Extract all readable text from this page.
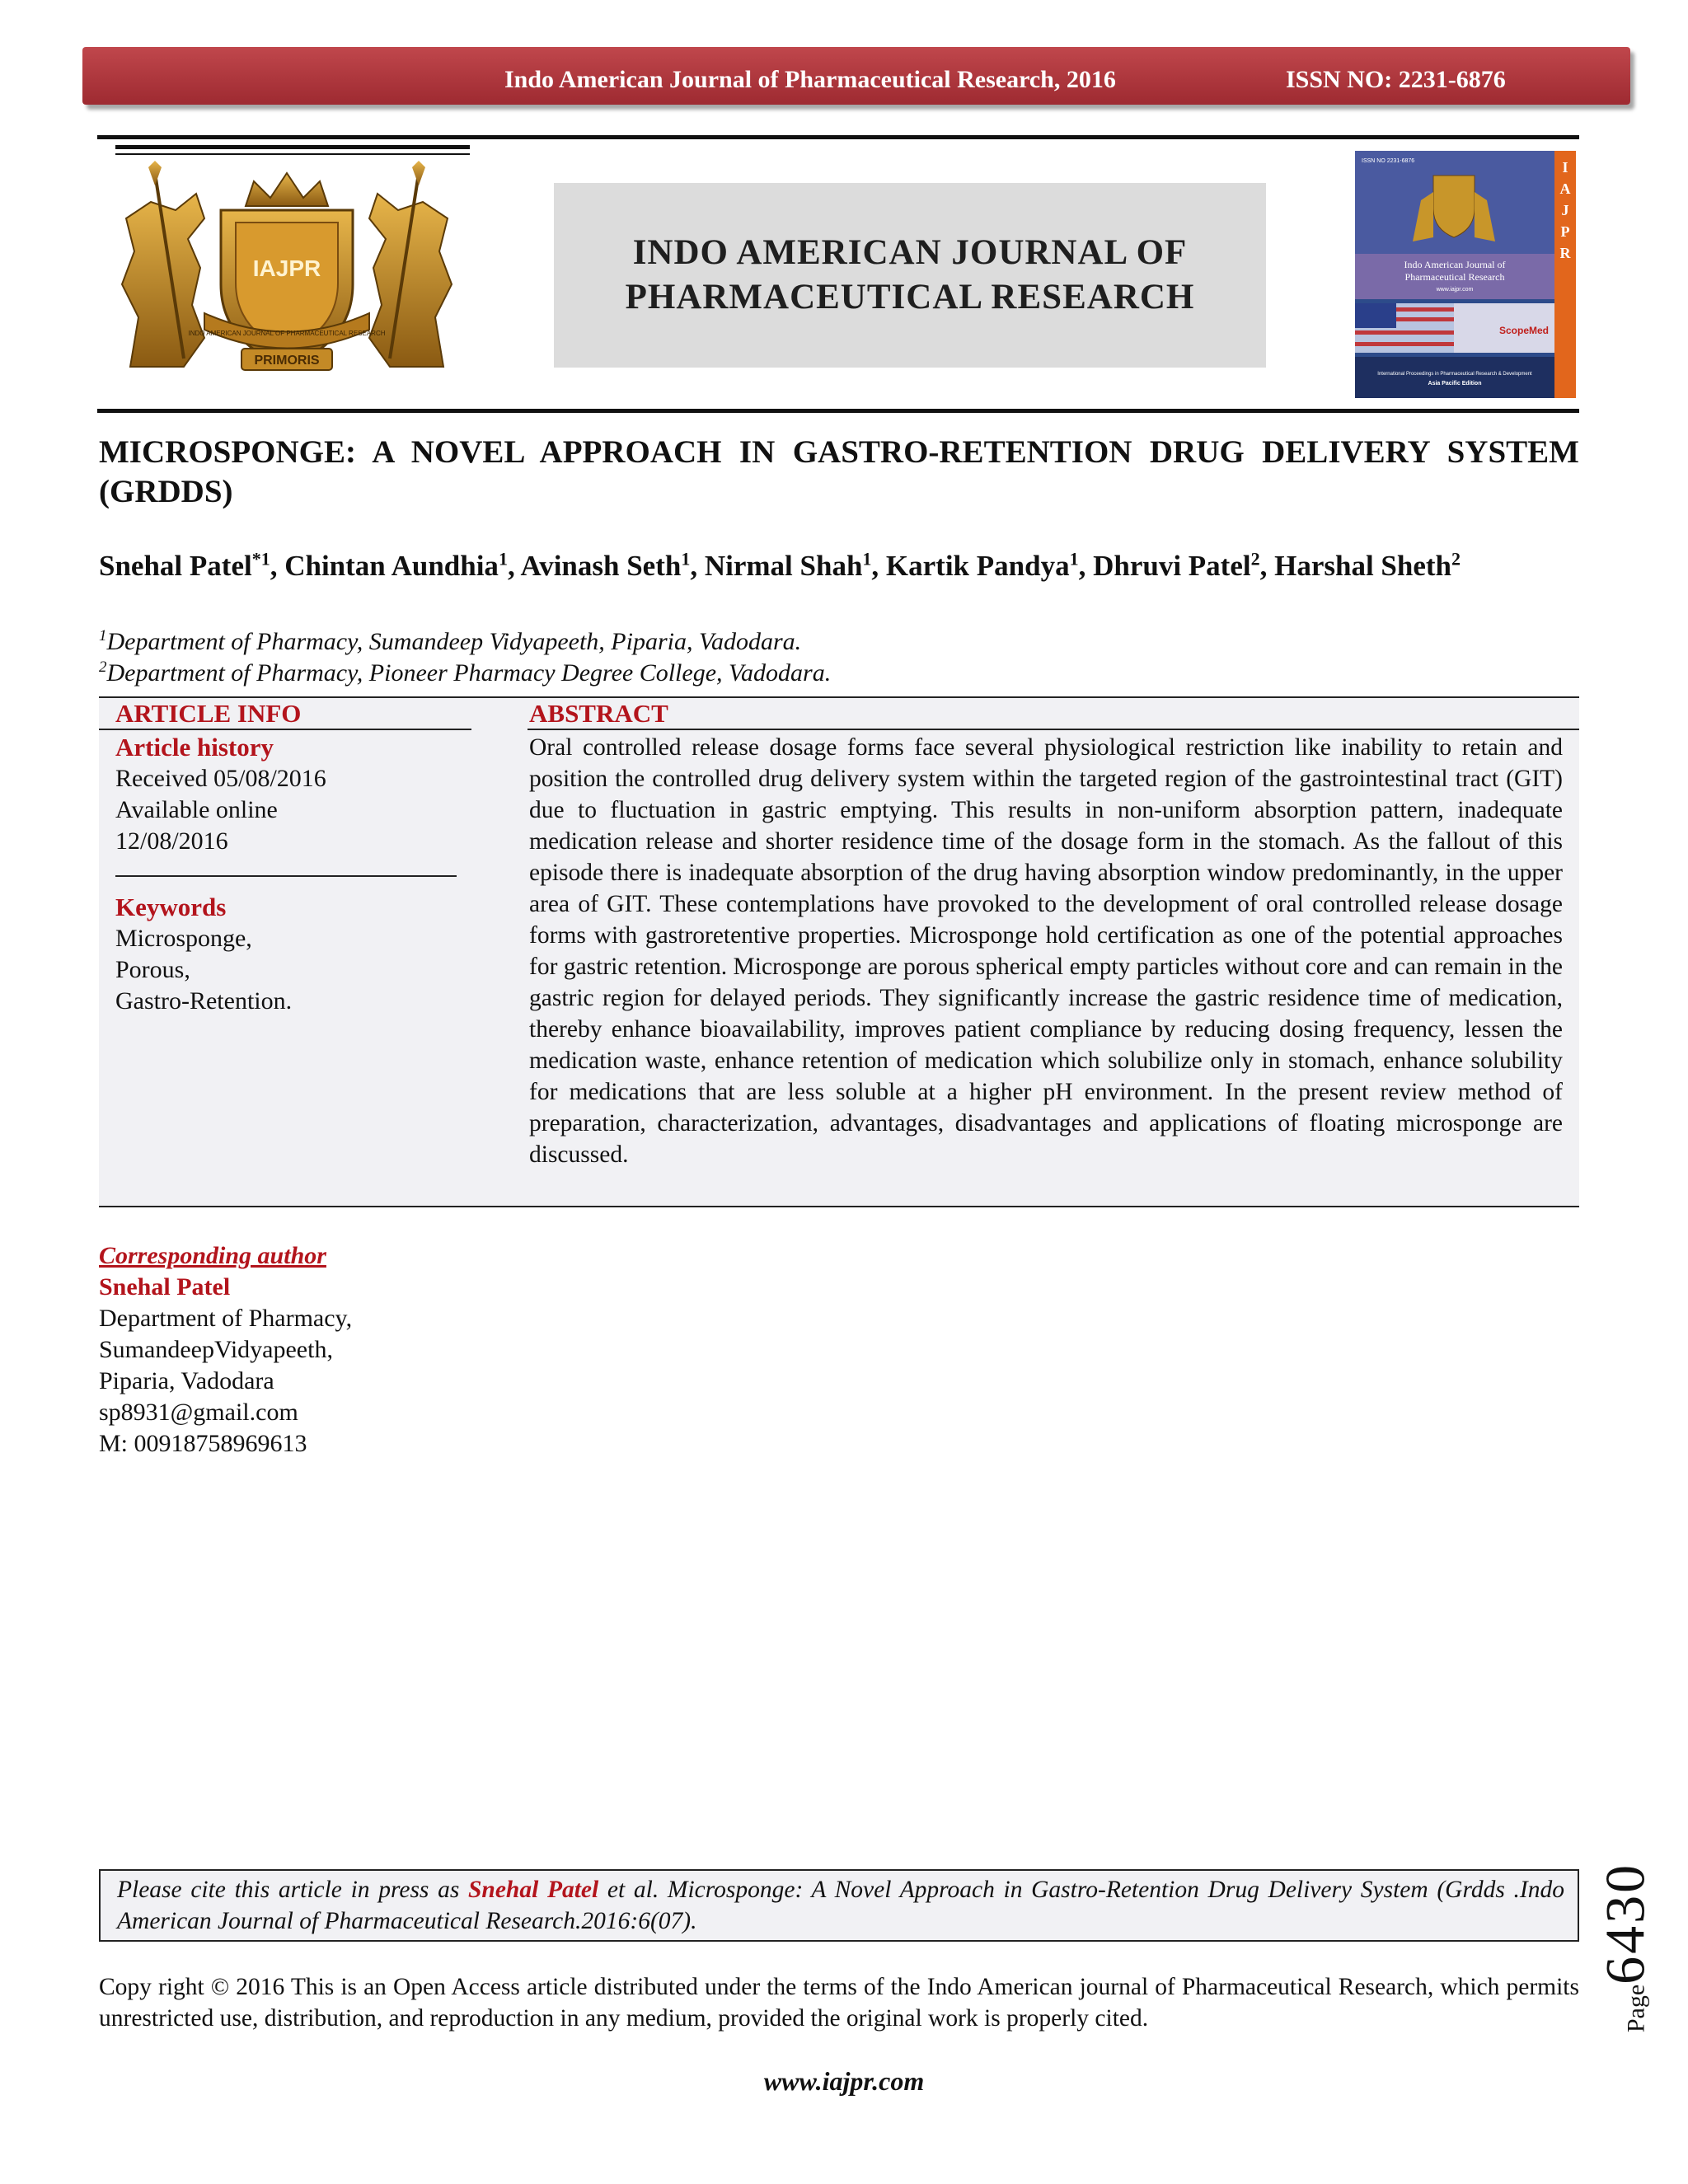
Indo American Journal of Pharmaceutical Research, 2016	ISSN NO: 2231-6876
IAJPR
INDO AMERICAN JOURNAL OF PHARMACEUTICAL RESEARCH
PRIMORIS
INDO AMERICAN JOURNAL OF
PHARMACEUTICAL RESEARCH
ISSN NO 2231-6876	I
A
J
P
R
Indo American Journal of
Pharmaceutical Research
www.iajpr.com
ScopeMed
International Proceedings in Pharmaceutical Research & Development
Asia Pacific Edition
MICROSPONGE: A NOVEL APPROACH IN GASTRO-RETENTION DRUG DELIVERY SYSTEM (GRDDS)
Snehal Patel$^{*1}$, Chintan Aundhia$^1$, Avinash Seth$^1$, Nirmal Shah$^1$, Kartik Pandya$^1$, Dhruvi Patel$^2$, Harshal Sheth$^2$
$^1$Department of Pharmacy, Sumandeep Vidyapeeth, Piparia, Vadodara.
$^2$Department of Pharmacy, Pioneer Pharmacy Degree College, Vadodara.
ARTICLE INFO	ABSTRACT
Article history
Received 05/08/2016
Available online
12/08/2016
Keywords
Microsponge,
Porous,
Gastro-Retention.
Oral controlled release dosage forms face several physiological restriction like inability to retain and position the controlled drug delivery system within the targeted region of the gastrointestinal tract (GIT) due to fluctuation in gastric emptying. This results in non‑uniform absorption pattern, inadequate medication release and shorter residence time of the dosage form in the stomach. As the fallout of this episode there is inadequate absorption of the drug having absorption window predominantly, in the upper area of GIT. These contemplations have provoked to the development of oral controlled release dosage forms with gastroretentive properties. Microsponge hold certification as one of the potential approaches for gastric retention. Microsponge are porous spherical empty particles without core and can remain in the gastric region for delayed periods. They significantly increase the gastric residence time of medication, thereby enhance bioavailability, improves patient compliance by reducing dosing frequency, lessen the medication waste, enhance retention of medication which solubilize only in stomach, enhance solubility for medications that are less soluble at a higher pH environment. In the present review method of preparation, characterization, advantages, disadvantages and applications of floating microsponge are discussed.
Corresponding author
Snehal Patel
Department of Pharmacy,
SumandeepVidyapeeth,
Piparia, Vadodara
sp8931@gmail.com
M: 00918758969613
Please cite this article in press as Snehal Patel et al. Microsponge: A Novel Approach in Gastro-Retention Drug Delivery System (Grdds .Indo American Journal of Pharmaceutical Research.2016:6(07).
Copy right © 2016 This is an Open Access article distributed under the terms of the Indo American journal of Pharmaceutical Research, which permits unrestricted use, distribution, and reproduction in any medium, provided the original work is properly cited.
www.iajpr.com
Page6430
